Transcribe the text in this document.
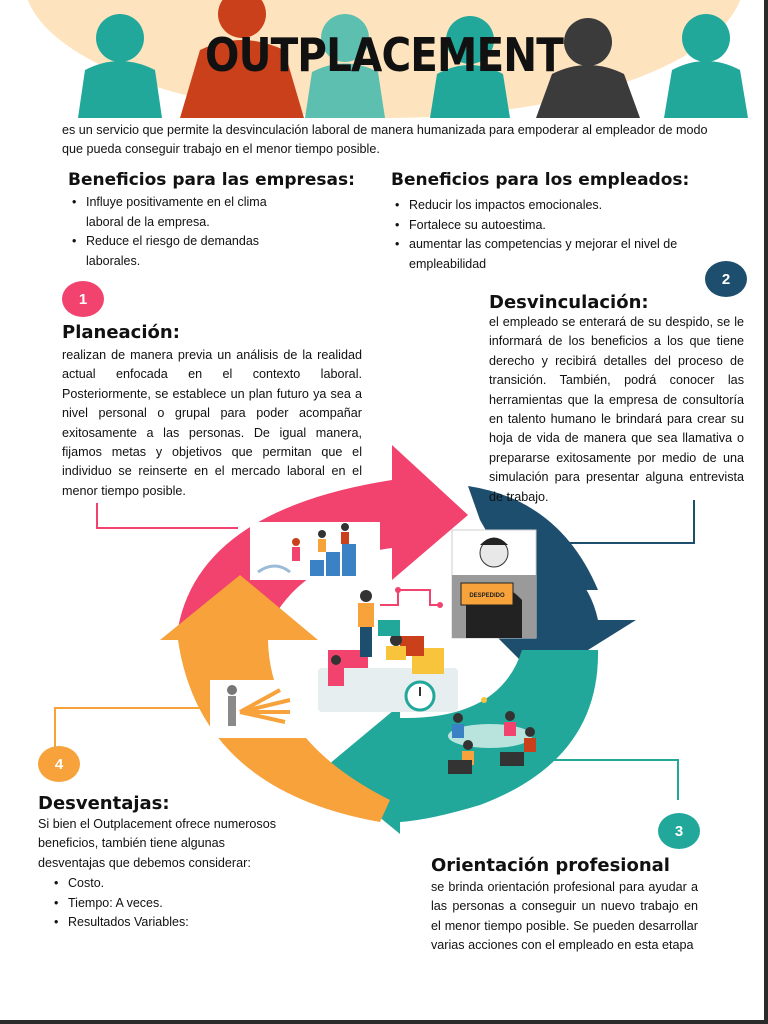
OUTPLACEMENT
es un servicio que permite la desvinculación laboral de manera humanizada para empoderar al empleador de modo que pueda conseguir trabajo en el menor tiempo posible.
Beneficios para las empresas:
• Influye positivamente en el clima laboral de la empresa.
• Reduce el riesgo de demandas laborales.
Beneficios para los empleados:
• Reducir los impactos emocionales.
• Fortalece su autoestima.
• aumentar las competencias y mejorar el nivel de empleabilidad
DESPEDIDO
1
Planeación:
realizan de manera previa un análisis de la realidad actual enfocada en el contexto laboral. Posteriormente, se establece un plan futuro ya sea a nivel personal o grupal para poder acompañar exitosamente a las personas. De igual manera, fijamos metas y objetivos que permitan que el individuo se reinserte en el mercado laboral en el menor tiempo posible.
2
Desvinculación:
el empleado se enterará de su despido, se le informará de los beneficios a los que tiene derecho y recibirá detalles del proceso de transición. También, podrá conocer las herramientas que la empresa de consultoría en talento humano le brindará para crear su hoja de vida de manera que sea llamativa o prepararse exitosamente por medio de una simulación para presentar alguna entrevista de trabajo.
3
Orientación profesional
se brinda orientación profesional para ayudar a las personas a conseguir un nuevo trabajo en el menor tiempo posible. Se pueden desarrollar varias acciones con el empleado en esta etapa
4
Desventajas:
Si bien el Outplacement ofrece numerosos beneficios, también tiene algunas desventajas que debemos considerar:
• Costo.
• Tiempo: A veces.
• Resultados Variables:
